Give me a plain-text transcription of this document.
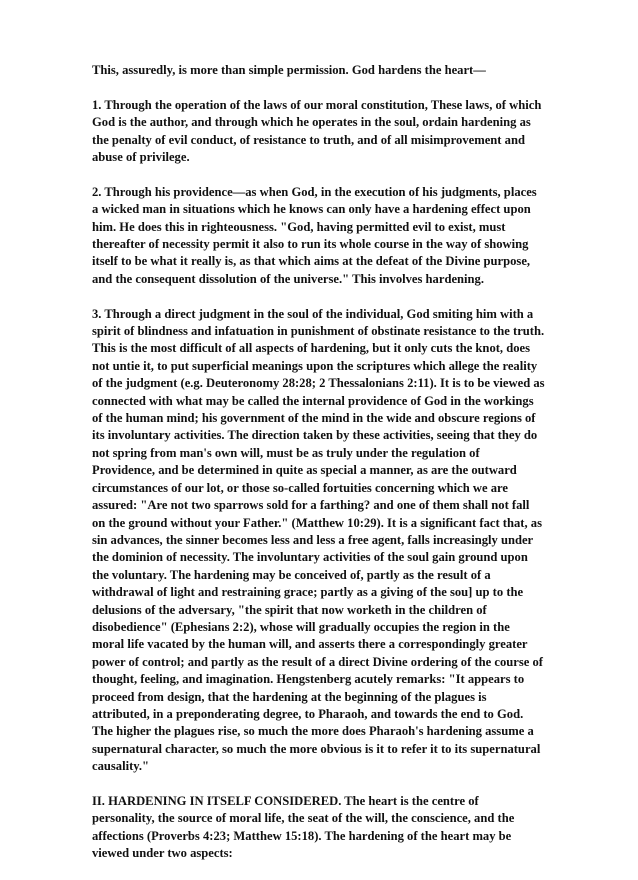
This, assuredly, is more than simple permission. God hardens the heart—

1. Through the operation of the laws of our moral constitution, These laws, of which
God is the author, and through which he operates in the soul, ordain hardening as
the penalty of evil conduct, of resistance to truth, and of all misimprovement and
abuse of privilege.

2. Through his providence—as when God, in the execution of his judgments, places
a wicked man in situations which he knows can only have a hardening effect upon
him. He does this in righteousness. "God, having permitted evil to exist, must
thereafter of necessity permit it also to run its whole course in the way of showing
itself to be what it really is, as that which aims at the defeat of the Divine purpose,
and the consequent dissolution of the universe." This involves hardening.

3. Through a direct judgment in the soul of the individual, God smiting him with a
spirit of blindness and infatuation in punishment of obstinate resistance to the truth.
This is the most difficult of all aspects of hardening, but it only cuts the knot, does
not untie it, to put superficial meanings upon the scriptures which allege the reality
of the judgment (e.g. Deuteronomy 28:28; 2 Thessalonians 2:11). It is to be viewed as
connected with what may be called the internal providence of God in the workings
of the human mind; his government of the mind in the wide and obscure regions of
its involuntary activities. The direction taken by these activities, seeing that they do
not spring from man's own will, must be as truly under the regulation of
Providence, and be determined in quite as special a manner, as are the outward
circumstances of our lot, or those so-called fortuities concerning which we are
assured: "Are not two sparrows sold for a farthing? and one of them shall not fall
on the ground without your Father." (Matthew 10:29). It is a significant fact that, as
sin advances, the sinner becomes less and less a free agent, falls increasingly under
the dominion of necessity. The involuntary activities of the soul gain ground upon
the voluntary. The hardening may be conceived of, partly as the result of a
withdrawal of light and restraining grace; partly as a giving of the sou] up to the
delusions of the adversary, "the spirit that now worketh in the children of
disobedience" (Ephesians 2:2), whose will gradually occupies the region in the
moral life vacated by the human will, and asserts there a correspondingly greater
power of control; and partly as the result of a direct Divine ordering of the course of
thought, feeling, and imagination. Hengstenberg acutely remarks: "It appears to
proceed from design, that the hardening at the beginning of the plagues is
attributed, in a preponderating degree, to Pharaoh, and towards the end to God.
The higher the plagues rise, so much the more does Pharaoh's hardening assume a
supernatural character, so much the more obvious is it to refer it to its supernatural
causality."

II. HARDENING IN ITSELF CONSIDERED. The heart is the centre of
personality, the source of moral life, the seat of the will, the conscience, and the
affections (Proverbs 4:23; Matthew 15:18). The hardening of the heart may be
viewed under two aspects:
